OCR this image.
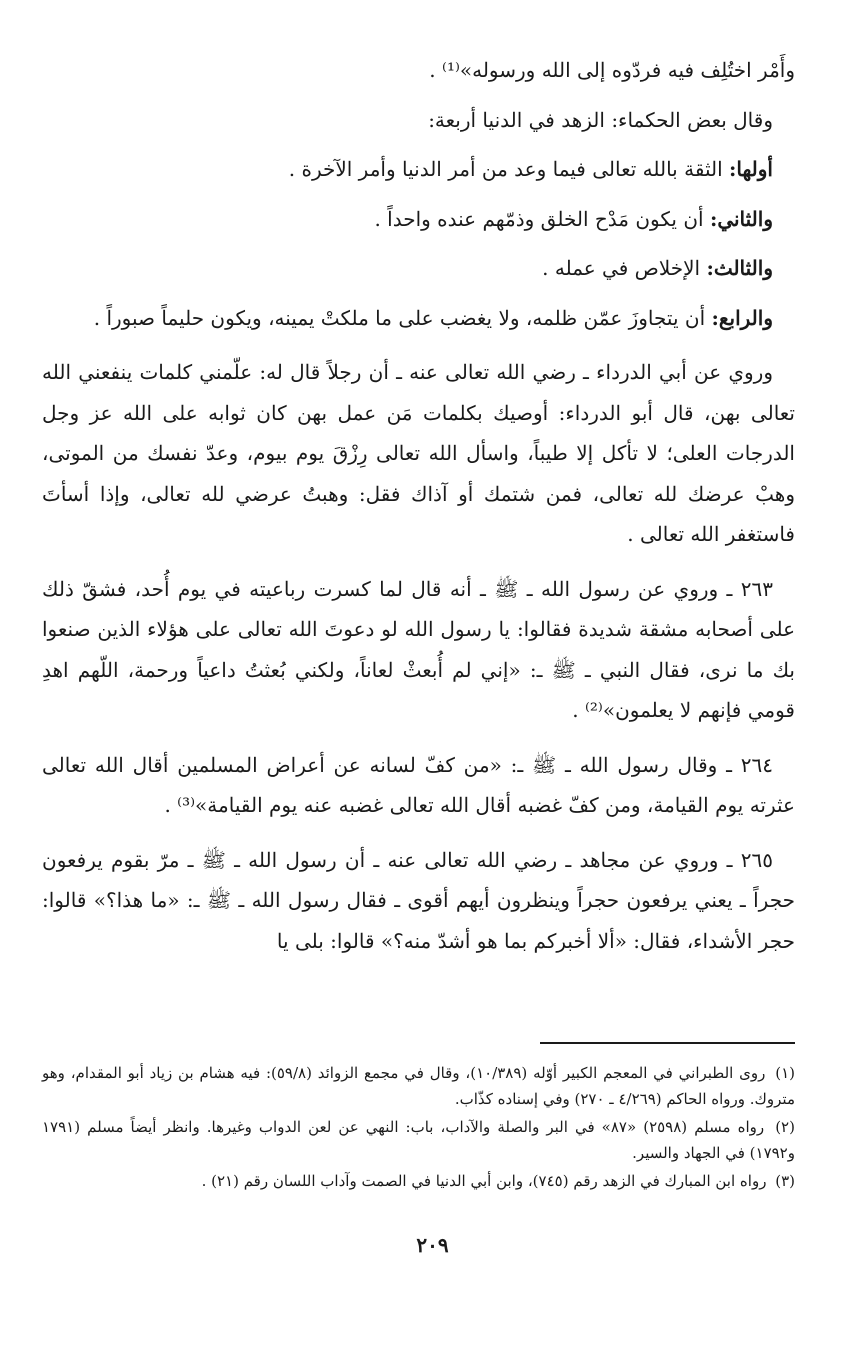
وأَمْر اختُلِف فيه فردّوه إلى الله ورسوله»⁽¹⁾ .

وقال بعض الحكماء: الزهد في الدنيا أربعة:

أولها: الثقة بالله تعالى فيما وعد من أمر الدنيا وأمر الآخرة .

والثاني: أن يكون مَدْح الخلق وذمّهم عنده واحداً .

والثالث: الإخلاص في عمله .

والرابع: أن يتجاوزَ عمّن ظلمه، ولا يغضب على ما ملكتْ يمينه، ويكون حليماً صبوراً .

وروي عن أبي الدرداء ـ رضي الله تعالى عنه ـ أن رجلاً قال له: علّمني كلمات ينفعني الله تعالى بهن، قال أبو الدرداء: أوصيك بكلمات مَن عمل بهن كان ثوابه على الله عز وجل الدرجات العلى؛ لا تأكل إلا طيباً، واسأل الله تعالى رِزْقَ يوم بيوم، وعدّ نفسك من الموتى، وهبْ عرضك لله تعالى، فمن شتمك أو آذاك فقل: وهبتُ عرضي لله تعالى، وإذا أسأتَ فاستغفر الله تعالى .

٢٦٣ ـ وروي عن رسول الله ـ ﷺ ـ أنه قال لما كسرت رباعيته في يوم أُحد، فشقّ ذلك على أصحابه مشقة شديدة فقالوا: يا رسول الله لو دعوتَ الله تعالى على هؤلاء الذين صنعوا بك ما نرى، فقال النبي ـ ﷺ ـ: «إني لم أُبعثْ لعاناً، ولكني بُعثتُ داعياً ورحمة، اللّهم اهدِ قومي فإنهم لا يعلمون»⁽²⁾ .

٢٦٤ ـ وقال رسول الله ـ ﷺ ـ: «من كفّ لسانه عن أعراض المسلمين أقال الله تعالى عثرته يوم القيامة، ومن كفّ غضبه أقال الله تعالى غضبه عنه يوم القيامة»⁽³⁾ .

٢٦٥ ـ وروي عن مجاهد ـ رضي الله تعالى عنه ـ أن رسول الله ـ ﷺ ـ مرّ بقوم يرفعون حجراً ـ يعني يرفعون حجراً وينظرون أيهم أقوى ـ فقال رسول الله ـ ﷺ ـ: «ما هذا؟» قالوا: حجر الأشداء، فقال: «ألا أخبركم بما هو أشدّ منه؟» قالوا: بلى يا

(١) روى الطبراني في المعجم الكبير أوّله (١٠/٣٨٩)، وقال في مجمع الزوائد (٥٩/٨): فيه هشام بن زياد أبو المقدام، وهو متروك. ورواه الحاكم (٤/٢٦٩ ـ ٢٧٠) وفي إسناده كذّاب.

(٢) رواه مسلم (٢٥٩٨) «٨٧» في البر والصلة والآداب، باب: النهي عن لعن الدواب وغيرها. وانظر أيضاً مسلم (١٧٩١ و١٧٩٢) في الجهاد والسير.

(٣) رواه ابن المبارك في الزهد رقم (٧٤٥)، وابن أبي الدنيا في الصمت وآداب اللسان رقم (٢١) .

٢٠٩
